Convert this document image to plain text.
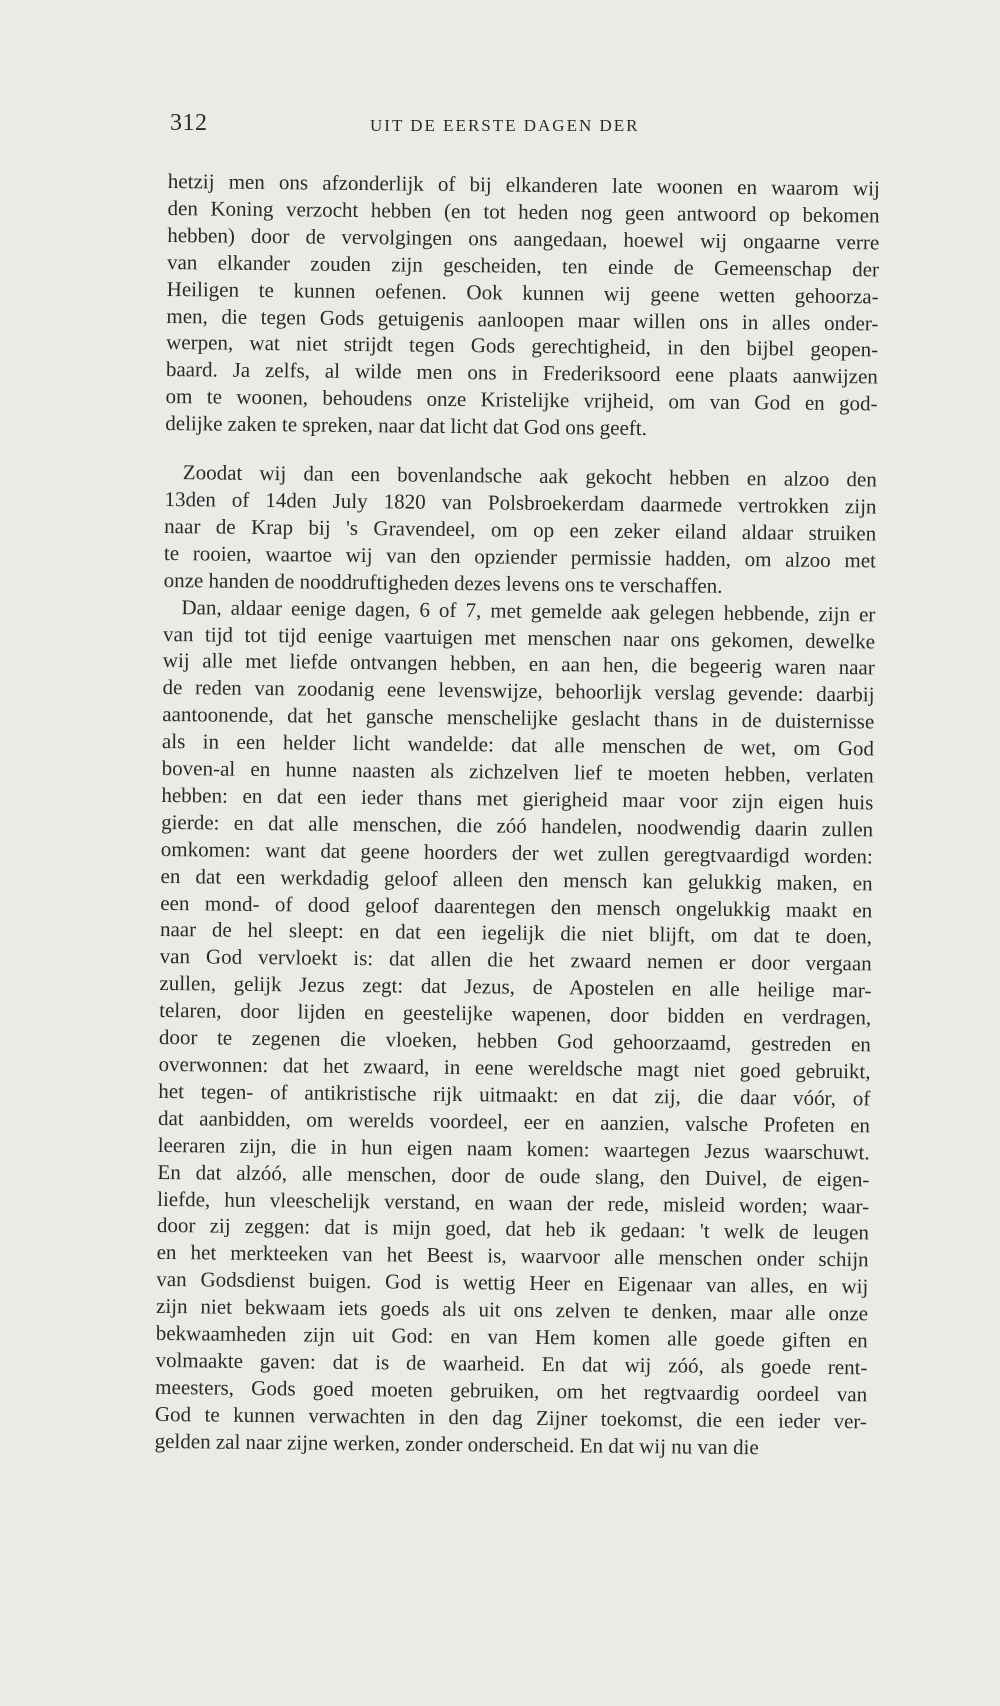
312	UIT DE EERSTE DAGEN DER
hetzij men ons afzonderlijk of bij elkanderen late woonen en waarom wij
den Koning verzocht hebben (en tot heden nog geen antwoord op bekomen
hebben) door de vervolgingen ons aangedaan, hoewel wij ongaarne verre
van elkander zouden zijn gescheiden, ten einde de Gemeenschap der
Heiligen te kunnen oefenen. Ook kunnen wij geene wetten gehoorza-
men, die tegen Gods getuigenis aanloopen maar willen ons in alles onder-
werpen, wat niet strijdt tegen Gods gerechtigheid, in den bijbel geopen-
baard. Ja zelfs, al wilde men ons in Frederiksoord eene plaats aanwijzen
om te woonen, behoudens onze Kristelijke vrijheid, om van God en god-
delijke zaken te spreken, naar dat licht dat God ons geeft.
Zoodat wij dan een bovenlandsche aak gekocht hebben en alzoo den
13den of 14den July 1820 van Polsbroekerdam daarmede vertrokken zijn
naar de Krap bij 's Gravendeel, om op een zeker eiland aldaar struiken
te rooien, waartoe wij van den opziender permissie hadden, om alzoo met
onze handen de nooddruftigheden dezes levens ons te verschaffen.
Dan, aldaar eenige dagen, 6 of 7, met gemelde aak gelegen hebbende, zijn er
van tijd tot tijd eenige vaartuigen met menschen naar ons gekomen, dewelke
wij alle met liefde ontvangen hebben, en aan hen, die begeerig waren naar
de reden van zoodanig eene levenswijze, behoorlijk verslag gevende: daarbij
aantoonende, dat het gansche menschelijke geslacht thans in de duisternisse
als in een helder licht wandelde: dat alle menschen de wet, om God
boven-al en hunne naasten als zichzelven lief te moeten hebben, verlaten
hebben: en dat een ieder thans met gierigheid maar voor zijn eigen huis
gierde: en dat alle menschen, die zóó handelen, noodwendig daarin zullen
omkomen: want dat geene hoorders der wet zullen geregtvaardigd worden:
en dat een werkdadig geloof alleen den mensch kan gelukkig maken, en
een mond- of dood geloof daarentegen den mensch ongelukkig maakt en
naar de hel sleept: en dat een iegelijk die niet blijft, om dat te doen,
van God vervloekt is: dat allen die het zwaard nemen er door vergaan
zullen, gelijk Jezus zegt: dat Jezus, de Apostelen en alle heilige mar-
telaren, door lijden en geestelijke wapenen, door bidden en verdragen,
door te zegenen die vloeken, hebben God gehoorzaamd, gestreden en
overwonnen: dat het zwaard, in eene wereldsche magt niet goed gebruikt,
het tegen- of antikristische rijk uitmaakt: en dat zij, die daar vóór, of
dat aanbidden, om werelds voordeel, eer en aanzien, valsche Profeten en
leeraren zijn, die in hun eigen naam komen: waartegen Jezus waarschuwt.
En dat alzóó, alle menschen, door de oude slang, den Duivel, de eigen-
liefde, hun vleeschelijk verstand, en waan der rede, misleid worden; waar-
door zij zeggen: dat is mijn goed, dat heb ik gedaan: 't welk de leugen
en het merkteeken van het Beest is, waarvoor alle menschen onder schijn
van Godsdienst buigen. God is wettig Heer en Eigenaar van alles, en wij
zijn niet bekwaam iets goeds als uit ons zelven te denken, maar alle onze
bekwaamheden zijn uit God: en van Hem komen alle goede giften en
volmaakte gaven: dat is de waarheid. En dat wij zóó, als goede rent-
meesters, Gods goed moeten gebruiken, om het regtvaardig oordeel van
God te kunnen verwachten in den dag Zijner toekomst, die een ieder ver-
gelden zal naar zijne werken, zonder onderscheid. En dat wij nu van die
